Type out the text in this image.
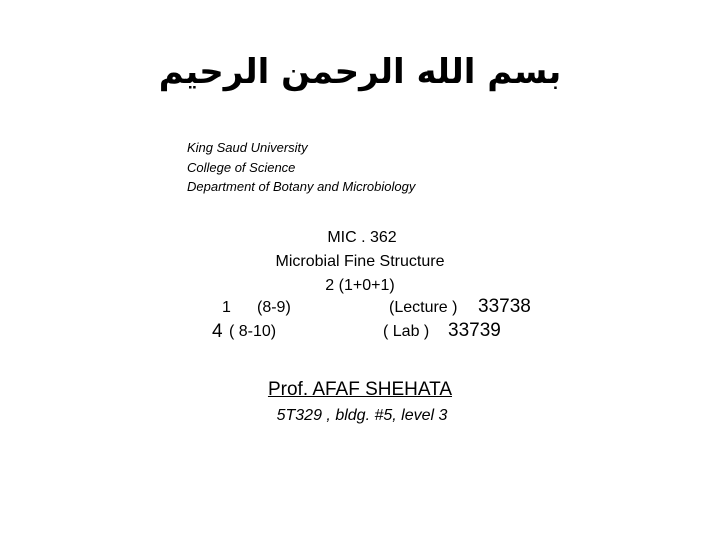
بسم الله الرحمن الرحيم
King Saud University
College of Science
Department of Botany and Microbiology
MIC . 362
Microbial Fine Structure
2 (1+0+1)
1 (8-9)	(Lecture ) 33738
4 ( 8-10)	( Lab ) 33739
Prof. AFAF SHEHATA
5T329 , bldg. #5, level 3
